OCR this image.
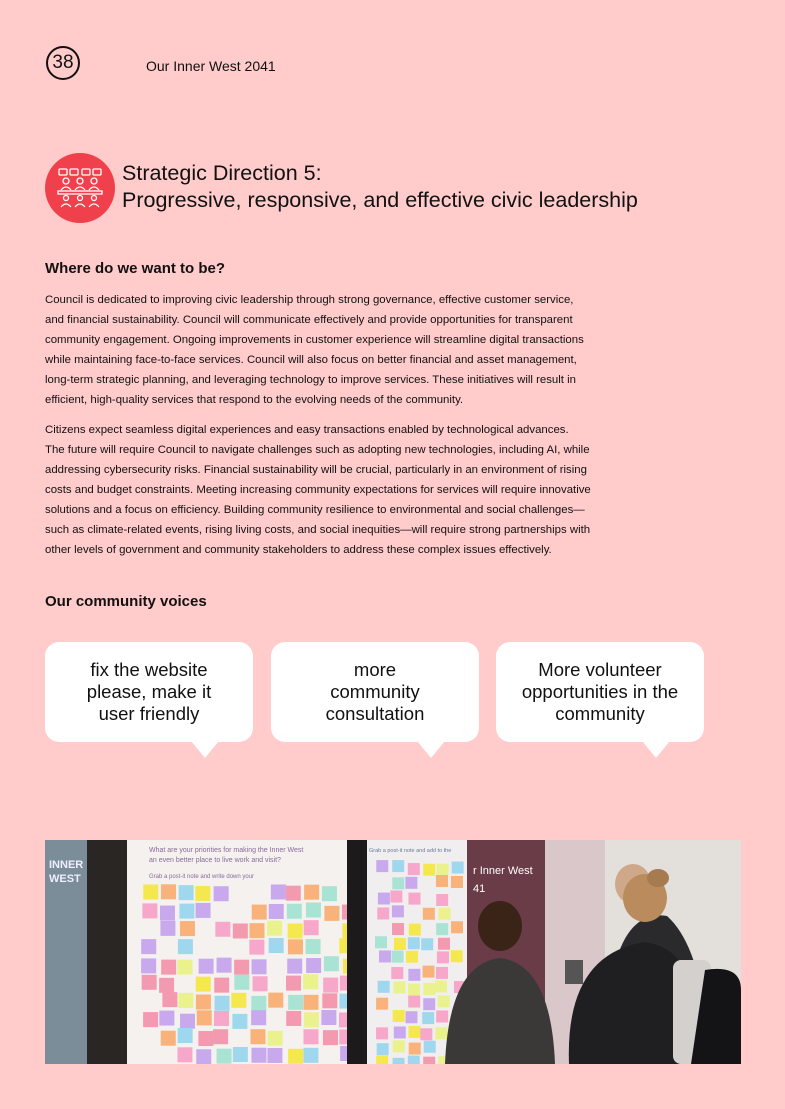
38	Our Inner West 2041
Strategic Direction 5:
Progressive, responsive, and effective civic leadership
Where do we want to be?

Council is dedicated to improving civic leadership through strong governance, effective customer service,
and financial sustainability. Council will communicate effectively and provide opportunities for transparent
community engagement. Ongoing improvements in customer experience will streamline digital transactions
while maintaining face-to-face services. Council will also focus on better financial and asset management,
long-term strategic planning, and leveraging technology to improve services. These initiatives will result in
efficient, high-quality services that respond to the evolving needs of the community.

Citizens expect seamless digital experiences and easy transactions enabled by technological advances.
The future will require Council to navigate challenges such as adopting new technologies, including AI, while
addressing cybersecurity risks. Financial sustainability will be crucial, particularly in an environment of rising
costs and budget constraints. Meeting increasing community expectations for services will require innovative
solutions and a focus on efficiency. Building community resilience to environmental and social challenges—
such as climate-related events, rising living costs, and social inequities—will require strong partnerships with
other levels of government and community stakeholders to address these complex issues effectively.

Our community voices
fix the website
please, make it
user friendly
more
community
consultation
More volunteer
opportunities in the
community
INNER
WEST
What are your priorities for making the Inner West
an even better place to live work and visit?
Grab a post-it note and write down your
Grab a post-it note and add to the
r Inner West
41
